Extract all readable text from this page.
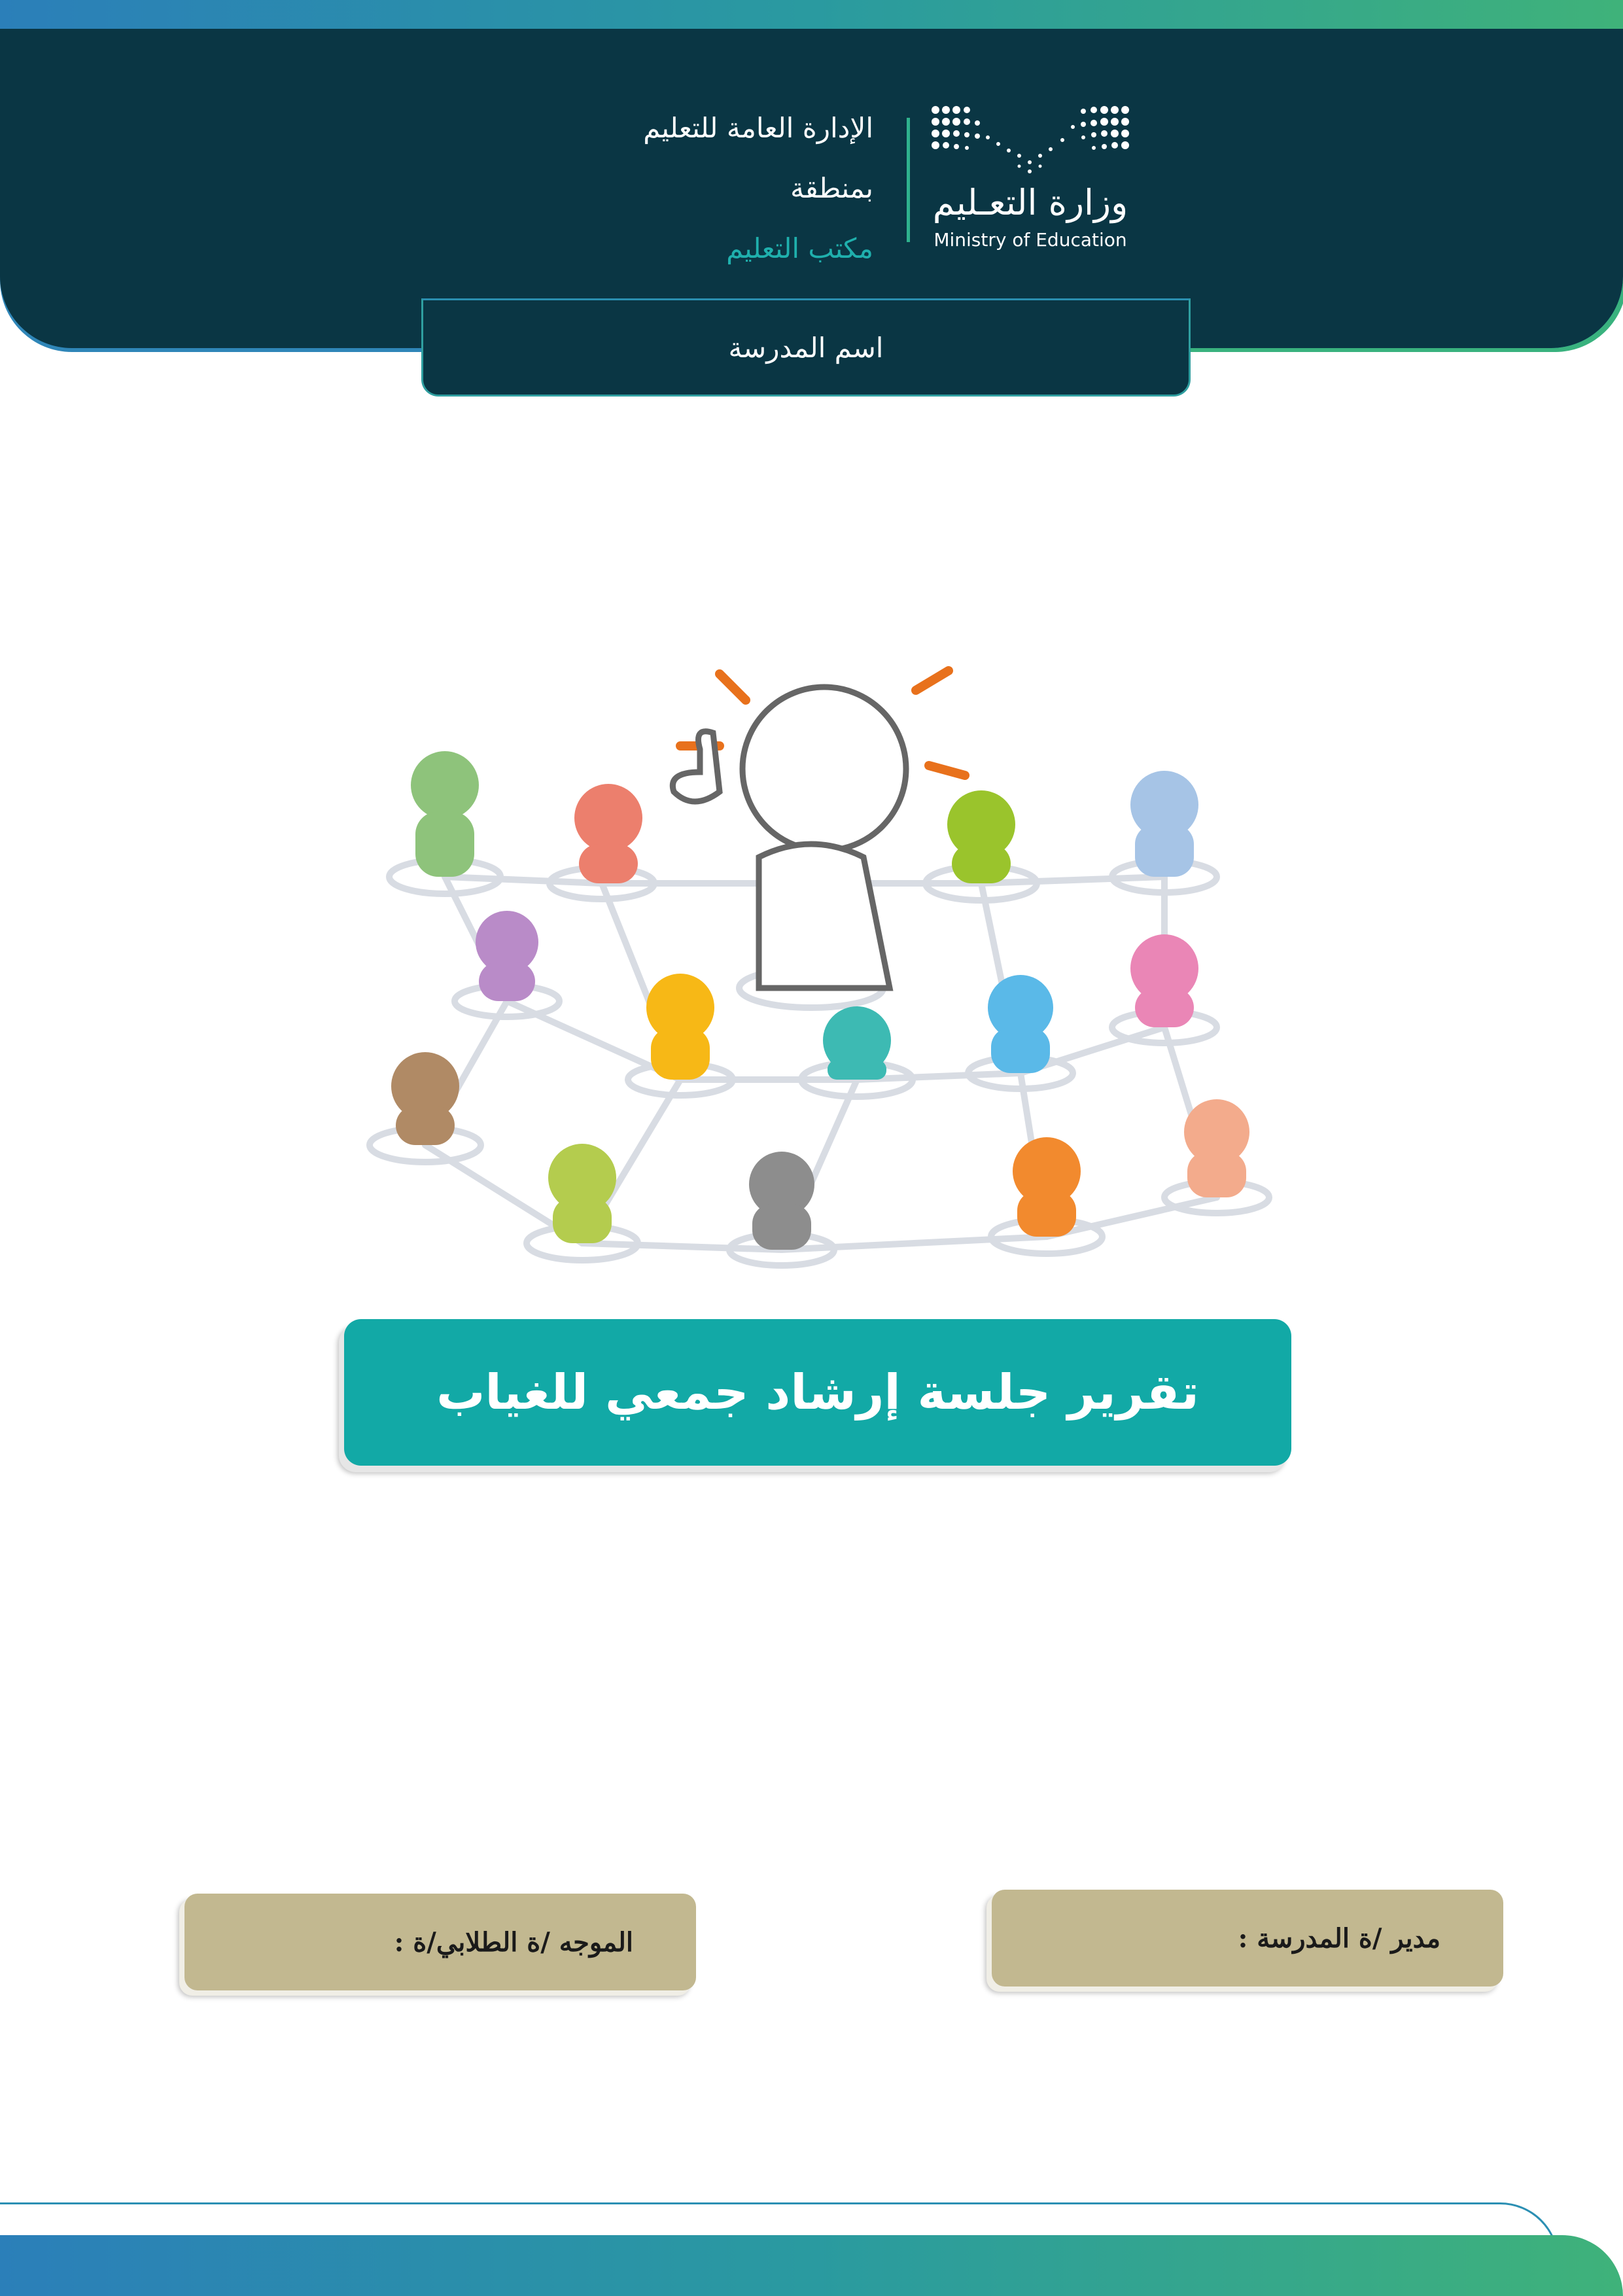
وزارة التعـليم
Ministry of Education
الإدارة العامة للتعليم
بمنطقة
مكتب التعليم
اسم المدرسة
تقرير جلسة إرشاد جمعي للغياب
مدير /ة المدرسة :
الموجه /ة الطلابي/ة :
